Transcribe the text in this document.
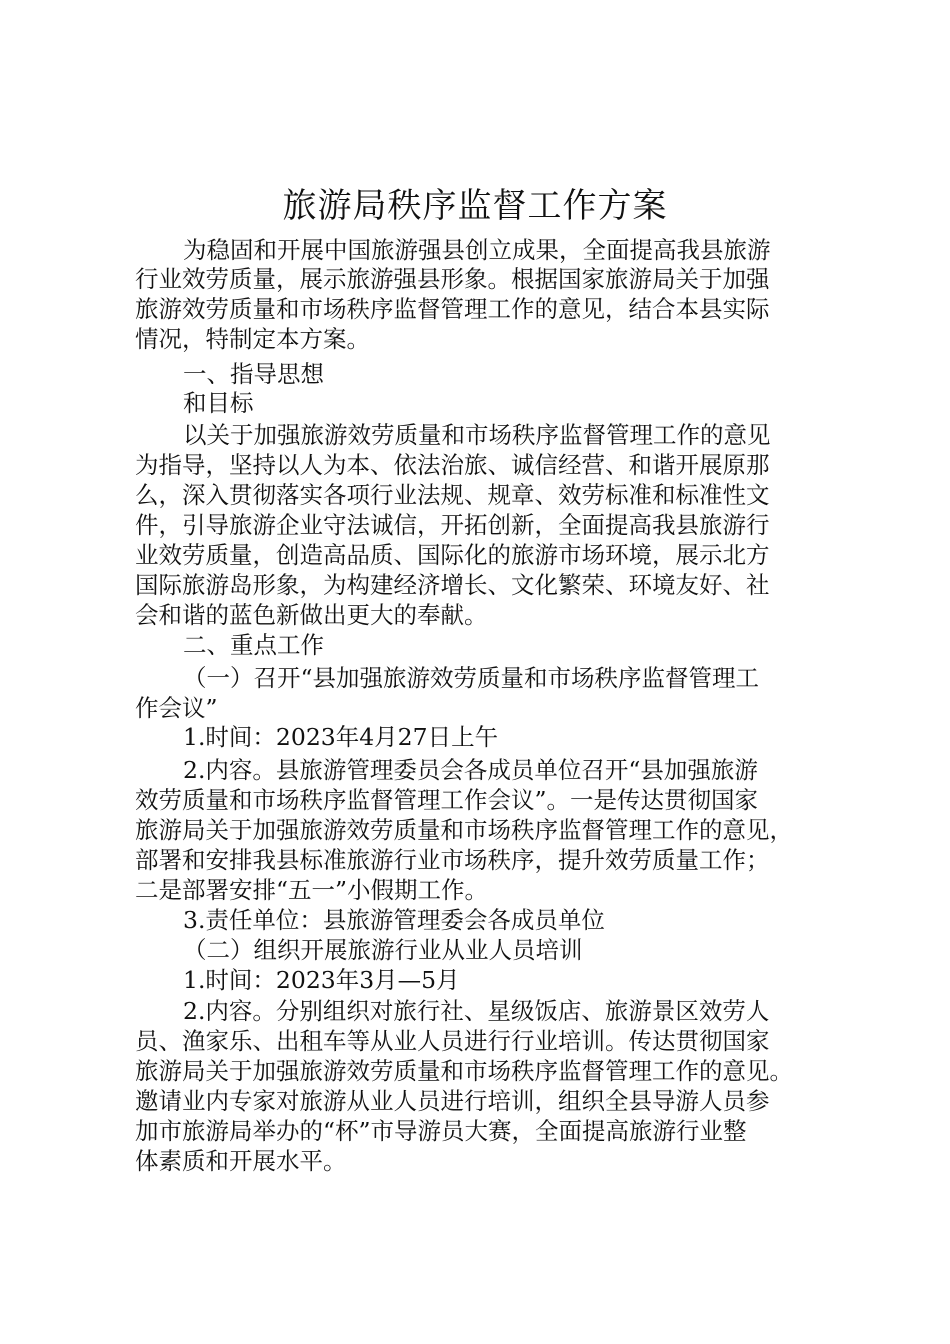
旅游局秩序监督工作方案

为稳固和开展中国旅游强县创立成果，全面提高我县旅游

行业效劳质量，展示旅游强县形象。根据国家旅游局关于加强

旅游效劳质量和市场秩序监督管理工作的意见，结合本县实际

情况，特制定本方案。

一、指导思想

和目标

以关于加强旅游效劳质量和市场秩序监督管理工作的意见

为指导，坚持以人为本、依法治旅、诚信经营、和谐开展原那

么，深入贯彻落实各项行业法规、规章、效劳标准和标准性文

件，引导旅游企业守法诚信，开拓创新，全面提高我县旅游行

业效劳质量，创造高品质、国际化的旅游市场环境，展示北方

国际旅游岛形象，为构建经济增长、文化繁荣、环境友好、社

会和谐的蓝色新做出更大的奉献。

二、重点工作

（一）召开“县加强旅游效劳质量和市场秩序监督管理工

作会议”

1.时间：2023年4月27日上午

2.内容。县旅游管理委员会各成员单位召开“县加强旅游

效劳质量和市场秩序监督管理工作会议”。一是传达贯彻国家

旅游局关于加强旅游效劳质量和市场秩序监督管理工作的意见，

部署和安排我县标准旅游行业市场秩序，提升效劳质量工作；

二是部署安排“五一”小假期工作。

3.责任单位：县旅游管理委会各成员单位

（二）组织开展旅游行业从业人员培训

1.时间：2023年3月—5月

2.内容。分别组织对旅行社、星级饭店、旅游景区效劳人

员、渔家乐、出租车等从业人员进行行业培训。传达贯彻国家

旅游局关于加强旅游效劳质量和市场秩序监督管理工作的意见。

邀请业内专家对旅游从业人员进行培训，组织全县导游人员参

加市旅游局举办的“杯”市导游员大赛，全面提高旅游行业整

体素质和开展水平。
